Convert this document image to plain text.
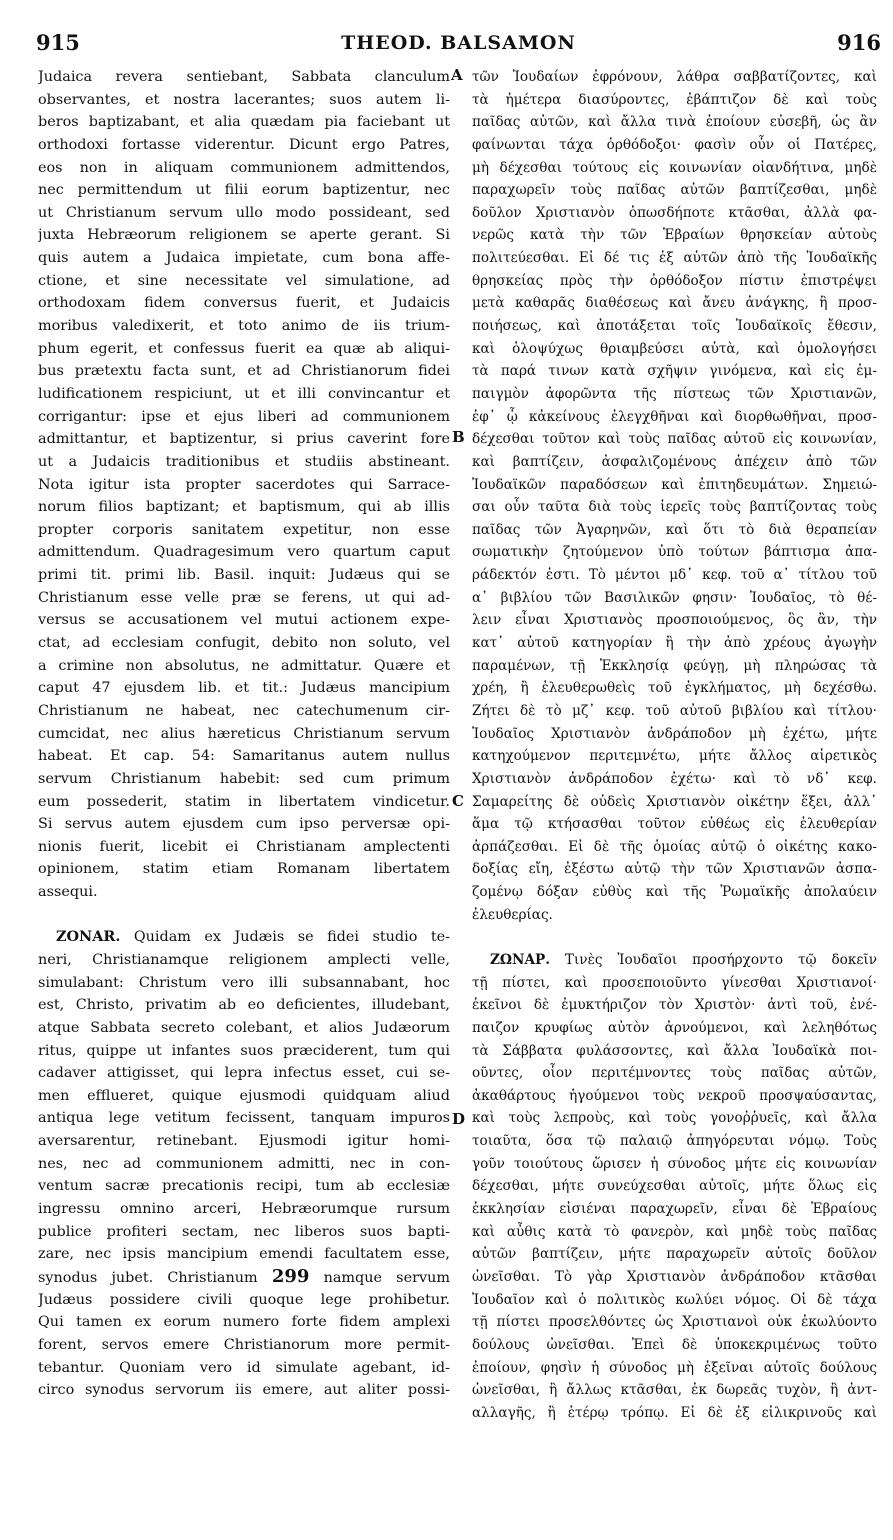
915	THEOD. BALSAMON	916
A
B
C
D
Judaica revera sentiebant, Sabbata clanculum
observantes, et nostra lacerantes; suos autem li-
beros baptizabant, et alia quædam pia faciebant ut
orthodoxi fortasse viderentur. Dicunt ergo Patres,
eos non in aliquam communionem admittendos,
nec permittendum ut filii eorum baptizentur, nec
ut Christianum servum ullo modo possideant, sed
juxta Hebræorum religionem se aperte gerant. Si
quis autem a Judaica impietate, cum bona affe-
ctione, et sine necessitate vel simulatione, ad
orthodoxam fidem conversus fuerit, et Judaicis
moribus valedixerit, et toto animo de iis trium-
phum egerit, et confessus fuerit ea quæ ab aliqui-
bus prætextu facta sunt, et ad Christianorum fidei
ludificationem respiciunt, ut et illi convincantur et
corrigantur: ipse et ejus liberi ad communionem
admittantur, et baptizentur, si prius caverint fore
ut a Judaicis traditionibus et studiis abstineant.
Nota igitur ista propter sacerdotes qui Sarrace-
norum filios baptizant; et baptismum, qui ab illis
propter corporis sanitatem expetitur, non esse
admittendum. Quadragesimum vero quartum caput
primi tit. primi lib. Basil. inquit: Judæus qui se
Christianum esse velle præ se ferens, ut qui ad-
versus se accusationem vel mutui actionem expe-
ctat, ad ecclesiam confugit, debito non soluto, vel
a crimine non absolutus, ne admittatur. Quære et
caput 47 ejusdem lib. et tit.: Judæus mancipium
Christianum ne habeat, nec catechumenum cir-
cumcidat, nec alius hæreticus Christianum servum
habeat. Et cap. 54: Samaritanus autem nullus
servum Christianum habebit: sed cum primum
eum possederit, statim in libertatem vindicetur.
Si servus autem ejusdem cum ipso perversæ opi-
nionis fuerit, licebit ei Christianam amplectenti
opinionem, statim etiam Romanam libertatem
assequi.
ZONAR. Quidam ex Judæis se fidei studio te-
neri, Christianamque religionem amplecti velle,
simulabant: Christum vero illi subsannabant, hoc
est, Christo, privatim ab eo deficientes, illudebant,
atque Sabbata secreto colebant, et alios Judæorum
ritus, quippe ut infantes suos præciderent, tum qui
cadaver attigisset, qui lepra infectus esset, cui se-
men efflueret, quique ejusmodi quidquam aliud
antiqua lege vetitum fecissent, tanquam impuros
aversarentur, retinebant. Ejusmodi igitur homi-
nes, nec ad communionem admitti, nec in con-
ventum sacræ precationis recipi, tum ab ecclesiæ
ingressu omnino arceri, Hebræorumque rursum
publice profiteri sectam, nec liberos suos bapti-
zare, nec ipsis mancipium emendi facultatem esse,
synodus jubet. Christianum 299 namque servum
Judæus possidere civili quoque lege prohibetur.
Qui tamen ex eorum numero forte fidem amplexi
forent, servos emere Christianorum more permit-
tebantur. Quoniam vero id simulate agebant, id-
circo synodus servorum iis emere, aut aliter possi-
τῶν Ἰουδαίων ἐφρόνουν, λάθρα σαββατίζοντες, καὶ
τὰ ἡμέτερα διασύροντες, ἐβάπτιζον δὲ καὶ τοὺς
παῖδας αὐτῶν, καὶ ἄλλα τινὰ ἐποίουν εὐσεβῆ, ὡς ἂν
φαίνωνται τάχα ὀρθόδοξοι· φασὶν οὖν οἱ Πατέρες,
μὴ δέχεσθαι τούτους εἰς κοινωνίαν οἱανδήτινα, μηδὲ
παραχωρεῖν τοὺς παῖδας αὐτῶν βαπτίζεσθαι, μηδὲ
δοῦλον Χριστιανὸν ὁπωσδήποτε κτᾶσθαι, ἀλλὰ φα-
νερῶς κατὰ τὴν τῶν Ἑβραίων θρησκείαν αὐτοὺς
πολιτεύεσθαι. Εἰ δέ τις ἐξ αὐτῶν ἀπὸ τῆς Ἰουδαϊκῆς
θρησκείας πρὸς τὴν ὀρθόδοξον πίστιν ἐπιστρέψει
μετὰ καθαρᾶς διαθέσεως καὶ ἄνευ ἀνάγκης, ἢ προσ-
ποιήσεως, καὶ ἀποτάξεται τοῖς Ἰουδαϊκοῖς ἔθεσιν,
καὶ ὁλοψύχως θριαμβεύσει αὐτὰ, καὶ ὁμολογήσει
τὰ παρά τινων κατὰ σχῆψιν γινόμενα, καὶ εἰς ἐμ-
παιγμὸν ἀφορῶντα τῆς πίστεως τῶν Χριστιανῶν,
ἐφ᾿ ᾧ κἀκείνους ἐλεγχθῆναι καὶ διορθωθῆναι, προσ-
δέχεσθαι τοῦτον καὶ τοὺς παῖδας αὐτοῦ εἰς κοινωνίαν,
καὶ βαπτίζειν, ἀσφαλιζομένους ἀπέχειν ἀπὸ τῶν
Ἰουδαϊκῶν παραδόσεων καὶ ἐπιτηδευμάτων. Σημειώ-
σαι οὖν ταῦτα διὰ τοὺς ἱερεῖς τοὺς βαπτίζοντας τοὺς
παῖδας τῶν Ἀγαρηνῶν, καὶ ὅτι τὸ διὰ θεραπείαν
σωματικὴν ζητούμενον ὑπὸ τούτων βάπτισμα ἀπα-
ράδεκτόν ἐστι. Τὸ μέντοι μδ᾿ κεφ. τοῦ α᾿ τίτλου τοῦ
α᾿ βιβλίου τῶν Βασιλικῶν φησιν· Ἰουδαῖος, τὸ θέ-
λειν εἶναι Χριστιανὸς προσποιούμενος, ὃς ἂν, τὴν
κατ᾿ αὐτοῦ κατηγορίαν ἢ τὴν ἀπὸ χρέους ἀγωγὴν
παραμένων, τῇ Ἐκκλησίᾳ φεύγῃ, μὴ πληρώσας τὰ
χρέη, ἢ ἐλευθερωθεὶς τοῦ ἐγκλήματος, μὴ δεχέσθω.
Ζήτει δὲ τὸ μζ᾿ κεφ. τοῦ αὐτοῦ βιβλίου καὶ τίτλου·
Ἰουδαῖος Χριστιανὸν ἀνδράποδον μὴ ἐχέτω, μήτε
κατηχούμενον περιτεμνέτω, μήτε ἄλλος αἱρετικὸς
Χριστιανὸν ἀνδράποδον ἐχέτω· καὶ τὸ νδ᾿ κεφ.
Σαμαρείτης δὲ οὐδεὶς Χριστιανὸν οἰκέτην ἕξει, ἀλλ᾿
ἅμα τῷ κτήσασθαι τοῦτον εὐθέως εἰς ἐλευθερίαν
ἁρπάζεσθαι. Εἰ δὲ τῆς ὁμοίας αὐτῷ ὁ οἰκέτης κακο-
δοξίας εἴη, ἐξέστω αὐτῷ τὴν τῶν Χριστιανῶν ἀσπα-
ζομένῳ δόξαν εὐθὺς καὶ τῆς Ῥωμαϊκῆς ἀπολαύειν
ἐλευθερίας.
ΖΩΝΑΡ. Τινὲς Ἰουδαῖοι προσήρχοντο τῷ δοκεῖν
τῇ πίστει, καὶ προσεποιοῦντο γίνεσθαι Χριστιανοί·
ἐκεῖνοι δὲ ἐμυκτήριζον τὸν Χριστὸν· ἀντὶ τοῦ, ἐνέ-
παιζον κρυφίως αὐτὸν ἀρνούμενοι, καὶ λεληθότως
τὰ Σάββατα φυλάσσοντες, καὶ ἄλλα Ἰουδαϊκὰ ποι-
οῦντες, οἷον περιτέμνοντες τοὺς παῖδας αὐτῶν,
ἀκαθάρτους ἡγούμενοι τοὺς νεκροῦ προσψαύσαντας,
καὶ τοὺς λεπροὺς, καὶ τοὺς γονοῤῥυεῖς, καὶ ἄλλα
τοιαῦτα, ὅσα τῷ παλαιῷ ἀπηγόρευται νόμῳ. Τοὺς
γοῦν τοιούτους ὥρισεν ἡ σύνοδος μήτε εἰς κοινωνίαν
δέχεσθαι, μήτε συνεύχεσθαι αὐτοῖς, μήτε ὅλως εἰς
ἐκκλησίαν εἰσιέναι παραχωρεῖν, εἶναι δὲ Ἑβραίους
καὶ αὖθις κατὰ τὸ φανερὸν, καὶ μηδὲ τοὺς παῖδας
αὐτῶν βαπτίζειν, μήτε παραχωρεῖν αὐτοῖς δοῦλον
ὠνεῖσθαι. Τὸ γὰρ Χριστιανὸν ἀνδράποδον κτᾶσθαι
Ἰουδαῖον καὶ ὁ πολιτικὸς κωλύει νόμος. Οἱ δὲ τάχα
τῇ πίστει προσελθόντες ὡς Χριστιανοὶ οὐκ ἐκωλύοντο
δούλους ὠνεῖσθαι. Ἐπεὶ δὲ ὑποκεκριμένως τοῦτο
ἐποίουν, φησὶν ἡ σύνοδος μὴ ἐξεῖναι αὐτοῖς δούλους
ὠνεῖσθαι, ἢ ἄλλως κτᾶσθαι, ἐκ δωρεᾶς τυχὸν, ἢ ἀντ-
αλλαγῆς, ἢ ἑτέρῳ τρόπῳ. Εἰ δὲ ἐξ εἰλικρινοῦς καὶ
